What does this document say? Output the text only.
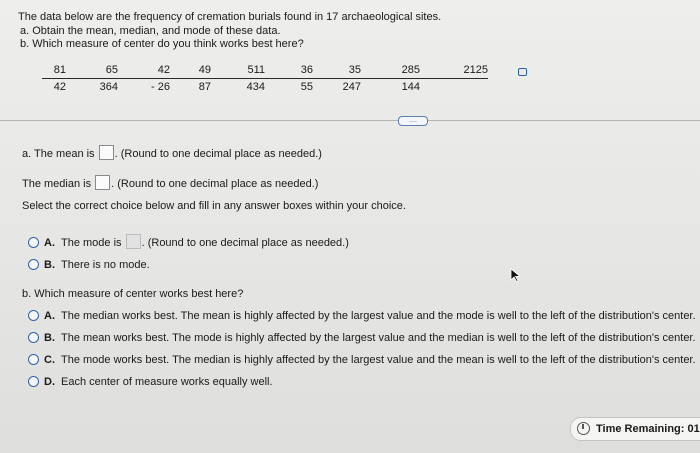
The data below are the frequency of cremation burials found in 17 archaeological sites.
a. Obtain the mean, median, and mode of these data.
b. Which measure of center do you think works best here?
81	65	42	49	511	36	35	285	2125
42	364	- 26	87	434	55	247	144	
....
a. The mean is . (Round to one decimal place as needed.)
The median is . (Round to one decimal place as needed.)
Select the correct choice below and fill in any answer boxes within your choice.
A. The mode is . (Round to one decimal place as needed.)
B. There is no mode.
b. Which measure of center works best here?
A. The median works best. The mean is highly affected by the largest value and the mode is well to the left of the distribution's center.
B. The mean works best. The mode is highly affected by the largest value and the median is well to the left of the distribution's center.
C. The mode works best. The median is highly affected by the largest value and the mean is well to the left of the distribution's center.
D. Each center of measure works equally well.
Time Remaining: 01
